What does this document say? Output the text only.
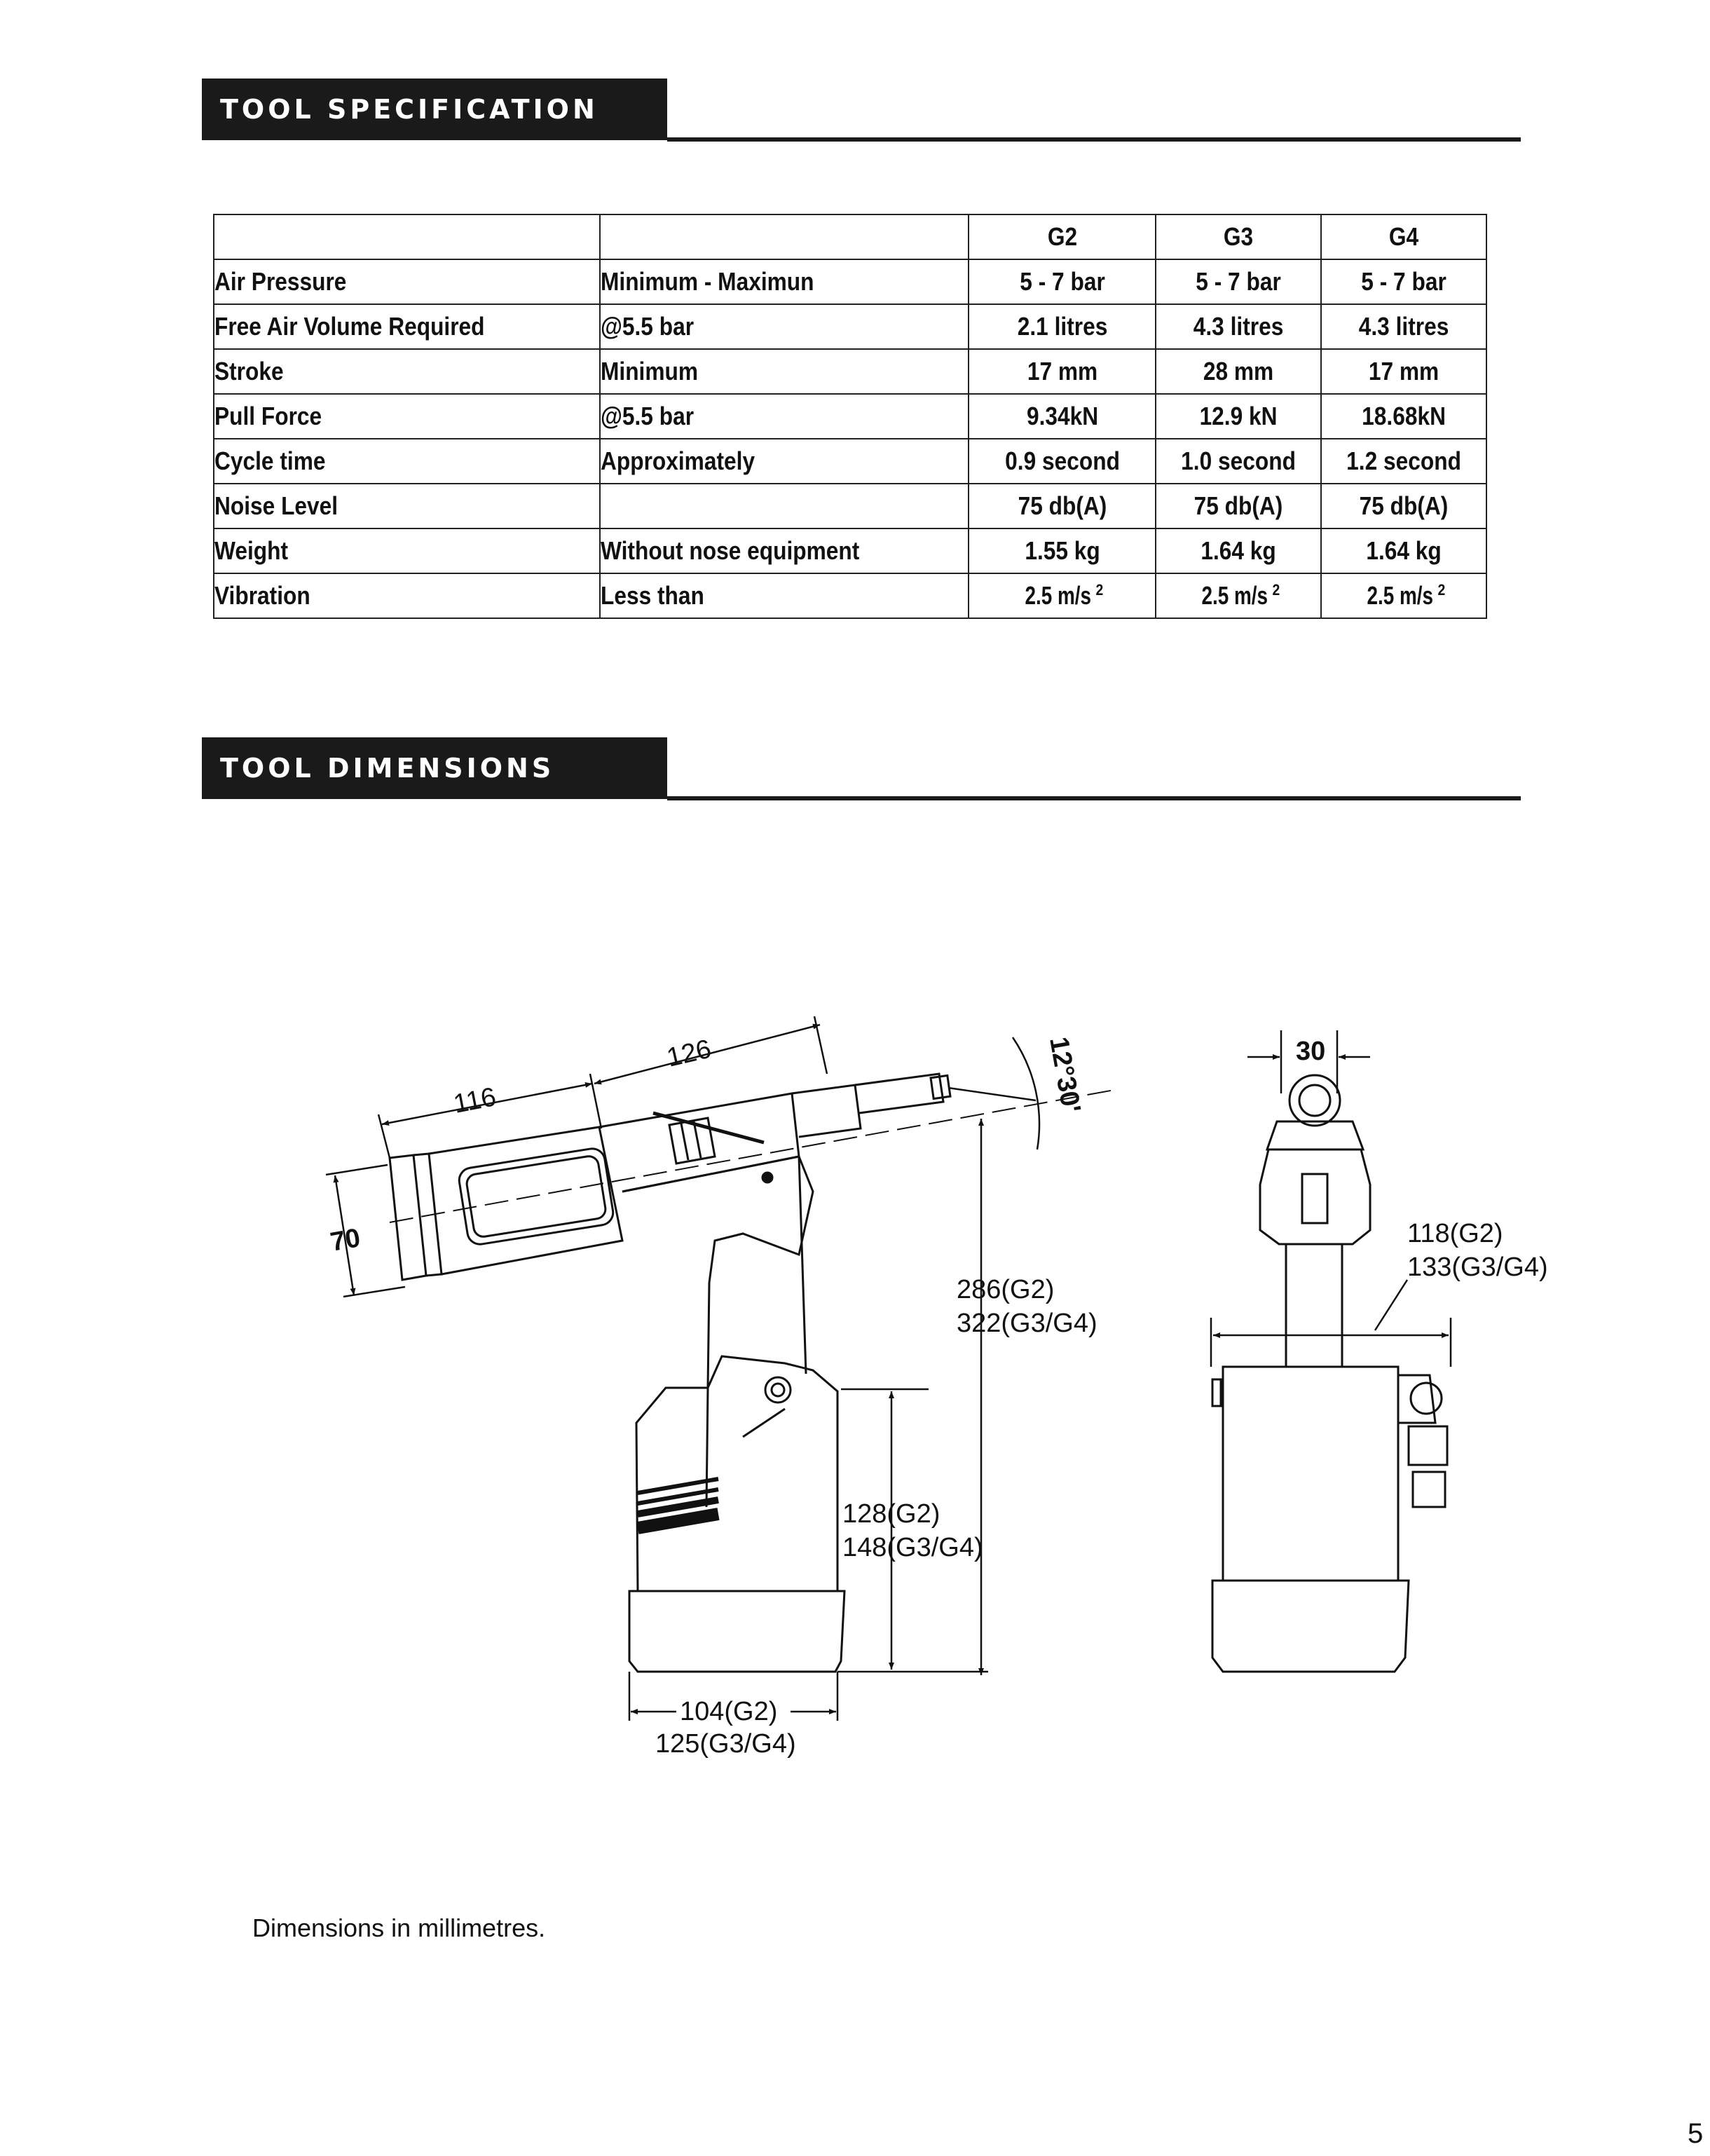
TOOL SPECIFICATION
		G2	G3	G4
Air Pressure	Minimum - Maximun	5 - 7 bar	5 - 7 bar	5 - 7 bar
Free Air Volume Required	@5.5 bar	2.1 litres	4.3 litres	4.3 litres
Stroke	Minimum	17 mm	28 mm	17 mm
Pull Force	@5.5 bar	9.34kN	12.9 kN	18.68kN
Cycle time	Approximately	0.9 second	1.0 second	1.2 second
Noise Level		75 db(A)	75 db(A)	75 db(A)
Weight	Without nose equipment	1.55 kg	1.64 kg	1.64 kg
Vibration	Less than	2.5 m/s $^2$	2.5 m/s $^2$	2.5 m/s $^2$
TOOL DIMENSIONS
116
126	12°30'
70
286(G2)
322(G3/G4)
128(G2)
148(G3/G4)
104(G2)
125(G3/G4)
30
118(G2)
133(G3/G4)
Dimensions in millimetres.
5
